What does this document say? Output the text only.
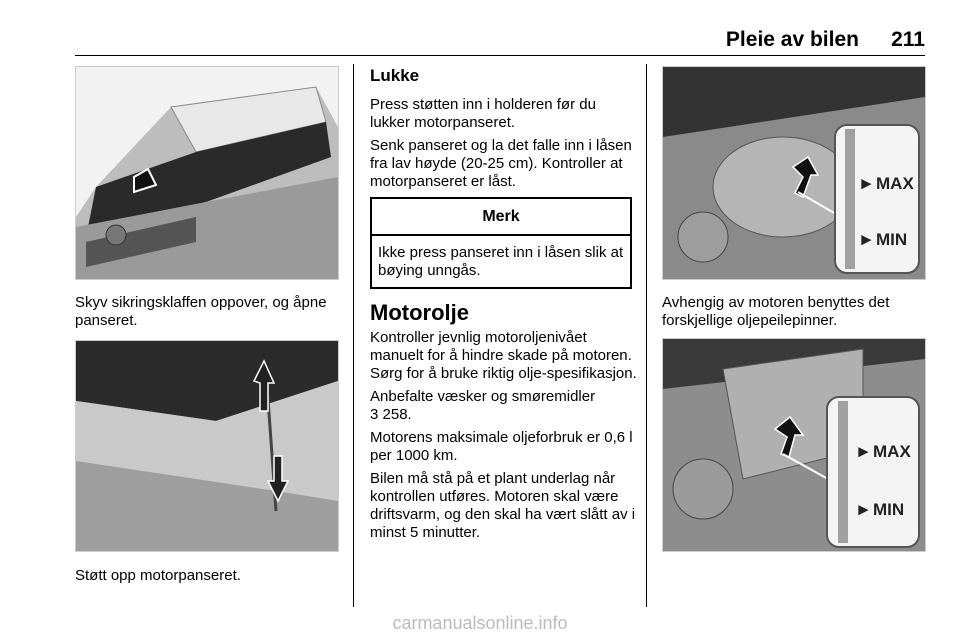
Pleie av bilen 211
Skyv sikringsklaffen oppover, og åpne panseret.
Støtt opp motorpanseret.
Lukke

Press støtten inn i holderen før du lukker motorpanseret.

Senk panseret og la det falle inn i låsen fra lav høyde (20-25 cm). Kontroller at motorpanseret er låst.

Merk
Ikke press panseret inn i låsen slik at bøying unngås.
Motorolje

Kontroller jevnlig motoroljenivået manuelt for å hindre skade på motoren. Sørg for å bruke riktig olje-spesifikasjon.

Anbefalte væsker og smøremidler
3 258.

Motorens maksimale oljeforbruk er 0,6 l per 1000 km.

Bilen må stå på et plant underlag når kontrollen utføres. Motoren skal være driftsvarm, og den skal ha vært slått av i minst 5 minutter.

► MAX
► MIN
Avhengig av motoren benyttes det forskjellige oljepeilepinner.
► MAX
► MIN
carmanualsonline.info
